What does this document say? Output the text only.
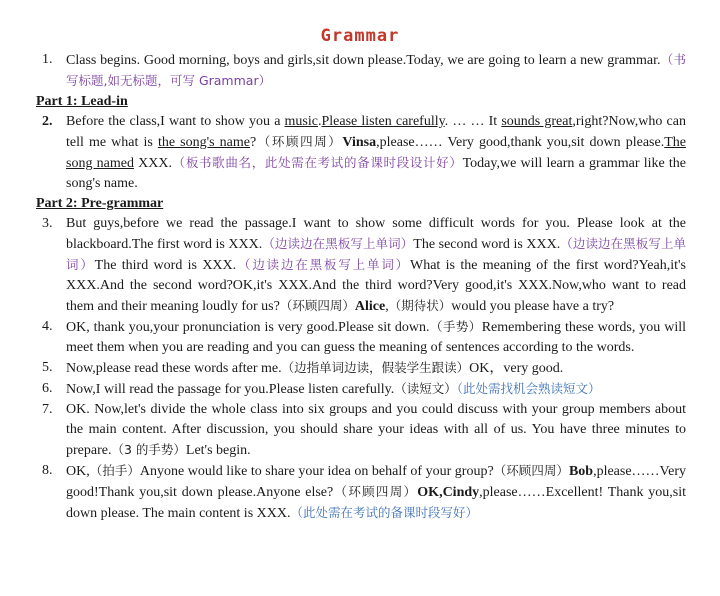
Grammar
1. Class begins. Good morning, boys and girls,sit down please.Today, we are going to learn a new grammar.（书写标题,如无标题，可写 Grammar）
Part 1: Lead-in
2. Before the class,I want to show you a music.Please listen carefully. … … It sounds great,right?Now,who can tell me what is the song's name?（环顾四周）Vinsa,please…… Very good,thank you,sit down please.The song named XXX.（板书歌曲名，此处需在考试的备课时段设计好）Today,we will learn a grammar like the song's name.
Part 2: Pre-grammar
3. But guys,before we read the passage.I want to show some difficult words for you. Please look at the blackboard.The first word is XXX.（边读边在黑板写上单词）The second word is XXX.（边读边在黑板写上单词）The third word is XXX.（边读边在黑板写上单词）What is the meaning of the first word?Yeah,it's XXX.And the second word?OK,it's XXX.And the third word?Very good,it's XXX.Now,who want to read them and their meaning loudly for us?（环顾四周）Alice,（期待状）would you please have a try?
4. OK, thank you,your pronunciation is very good.Please sit down.（手势）Remembering these words, you will meet them when you are reading and you can guess the meaning of sentences according to the words.
5. Now,please read these words after me.（边指单词边读，假装学生跟读）OK，very good.
6. Now,I will read the passage for you.Please listen carefully.（读短文）（此处需找机会熟读短文）
7. OK. Now,let's divide the whole class into six groups and you could discuss with your group members about the main content. After discussion, you should share your ideas with all of us. You have three minutes to prepare.（3 的手势）Let's begin.
8. OK,（拍手）Anyone would like to share your idea on behalf of your group?（环顾四周）Bob,please……Very good!Thank you,sit down please.Anyone else?（环顾四周）OK,Cindy,please……Excellent! Thank you,sit down please. The main content is XXX.（此处需在考试的备课时段写好）
